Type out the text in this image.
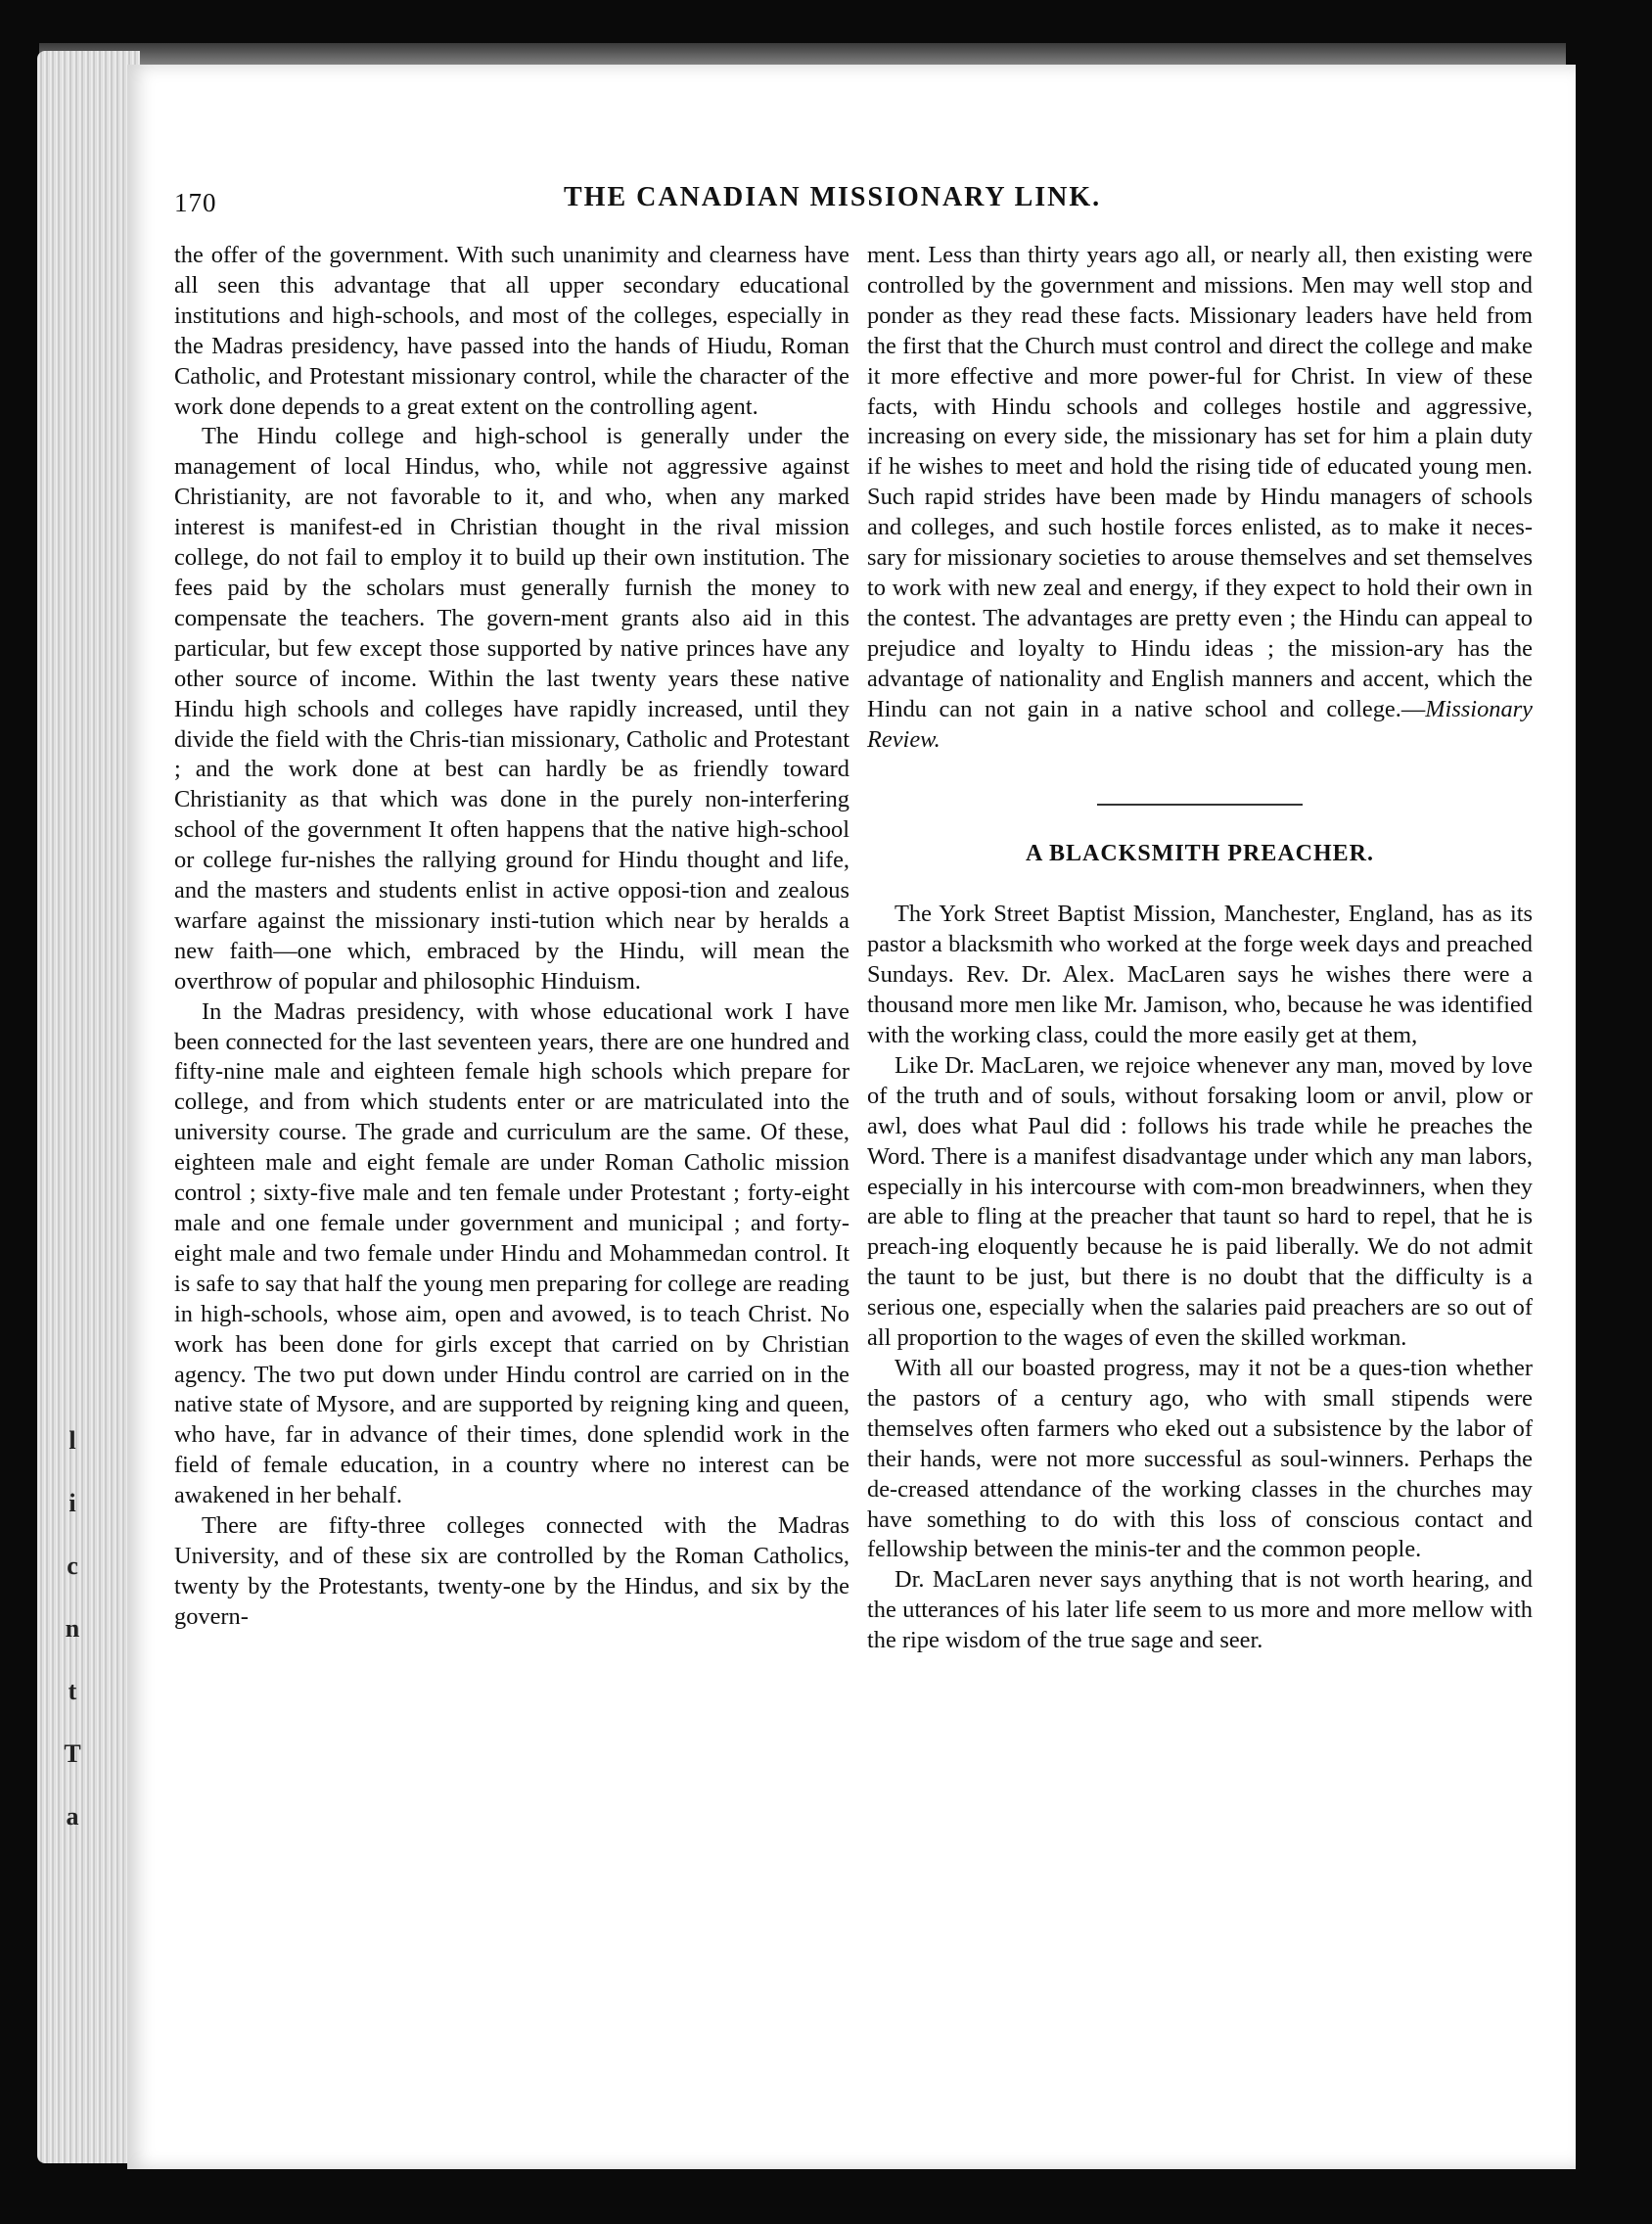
l
i
c
n
t
T
a
170	THE CANADIAN MISSIONARY LINK.

the offer of the government. With such unanimity and clearness have all seen this advantage that all upper secondary educational institutions and high-schools, and most of the colleges, especially in the Madras presidency, have passed into the hands of Hiudu, Roman Catholic, and Protestant missionary control, while the character of the work done depends to a great extent on the controlling agent.

The Hindu college and high-school is generally under the management of local Hindus, who, while not aggressive against Christianity, are not favorable to it, and who, when any marked interest is manifest-ed in Christian thought in the rival mission college, do not fail to employ it to build up their own institution. The fees paid by the scholars must generally furnish the money to compensate the teachers. The govern-ment grants also aid in this particular, but few except those supported by native princes have any other source of income. Within the last twenty years these native Hindu high schools and colleges have rapidly increased, until they divide the field with the Chris-tian missionary, Catholic and Protestant ; and the work done at best can hardly be as friendly toward Christianity as that which was done in the purely non-interfering school of the government It often happens that the native high-school or college fur-nishes the rallying ground for Hindu thought and life, and the masters and students enlist in active opposi-tion and zealous warfare against the missionary insti-tution which near by heralds a new faith—one which, embraced by the Hindu, will mean the overthrow of popular and philosophic Hinduism.

In the Madras presidency, with whose educational work I have been connected for the last seventeen years, there are one hundred and fifty-nine male and eighteen female high schools which prepare for college, and from which students enter or are matriculated into the university course. The grade and curriculum are the same. Of these, eighteen male and eight female are under Roman Catholic mission control ; sixty-five male and ten female under Protestant ; forty-eight male and one female under government and municipal ; and forty-eight male and two female under Hindu and Mohammedan control. It is safe to say that half the young men preparing for college are reading in high-schools, whose aim, open and avowed, is to teach Christ. No work has been done for girls except that carried on by Christian agency. The two put down under Hindu control are carried on in the native state of Mysore, and are supported by reigning king and queen, who have, far in advance of their times, done splendid work in the field of female education, in a country where no interest can be awakened in her behalf.

There are fifty-three colleges connected with the Madras University, and of these six are controlled by the Roman Catholics, twenty by the Protestants, twenty-one by the Hindus, and six by the govern-

ment. Less than thirty years ago all, or nearly all, then existing were controlled by the government and missions. Men may well stop and ponder as they read these facts. Missionary leaders have held from the first that the Church must control and direct the college and make it more effective and more power-ful for Christ. In view of these facts, with Hindu schools and colleges hostile and aggressive, increasing on every side, the missionary has set for him a plain duty if he wishes to meet and hold the rising tide of educated young men. Such rapid strides have been made by Hindu managers of schools and colleges, and such hostile forces enlisted, as to make it neces-sary for missionary societies to arouse themselves and set themselves to work with new zeal and energy, if they expect to hold their own in the contest. The advantages are pretty even ; the Hindu can appeal to prejudice and loyalty to Hindu ideas ; the mission-ary has the advantage of nationality and English manners and accent, which the Hindu can not gain in a native school and college.—Missionary Review.

A BLACKSMITH PREACHER.

The York Street Baptist Mission, Manchester, England, has as its pastor a blacksmith who worked at the forge week days and preached Sundays. Rev. Dr. Alex. MacLaren says he wishes there were a thousand more men like Mr. Jamison, who, because he was identified with the working class, could the more easily get at them,

Like Dr. MacLaren, we rejoice whenever any man, moved by love of the truth and of souls, without forsaking loom or anvil, plow or awl, does what Paul did : follows his trade while he preaches the Word. There is a manifest disadvantage under which any man labors, especially in his intercourse with com-mon breadwinners, when they are able to fling at the preacher that taunt so hard to repel, that he is preach-ing eloquently because he is paid liberally. We do not admit the taunt to be just, but there is no doubt that the difficulty is a serious one, especially when the salaries paid preachers are so out of all proportion to the wages of even the skilled workman.

With all our boasted progress, may it not be a ques-tion whether the pastors of a century ago, who with small stipends were themselves often farmers who eked out a subsistence by the labor of their hands, were not more successful as soul-winners. Perhaps the de-creased attendance of the working classes in the churches may have something to do with this loss of conscious contact and fellowship between the minis-ter and the common people.

Dr. MacLaren never says anything that is not worth hearing, and the utterances of his later life seem to us more and more mellow with the ripe wisdom of the true sage and seer.
